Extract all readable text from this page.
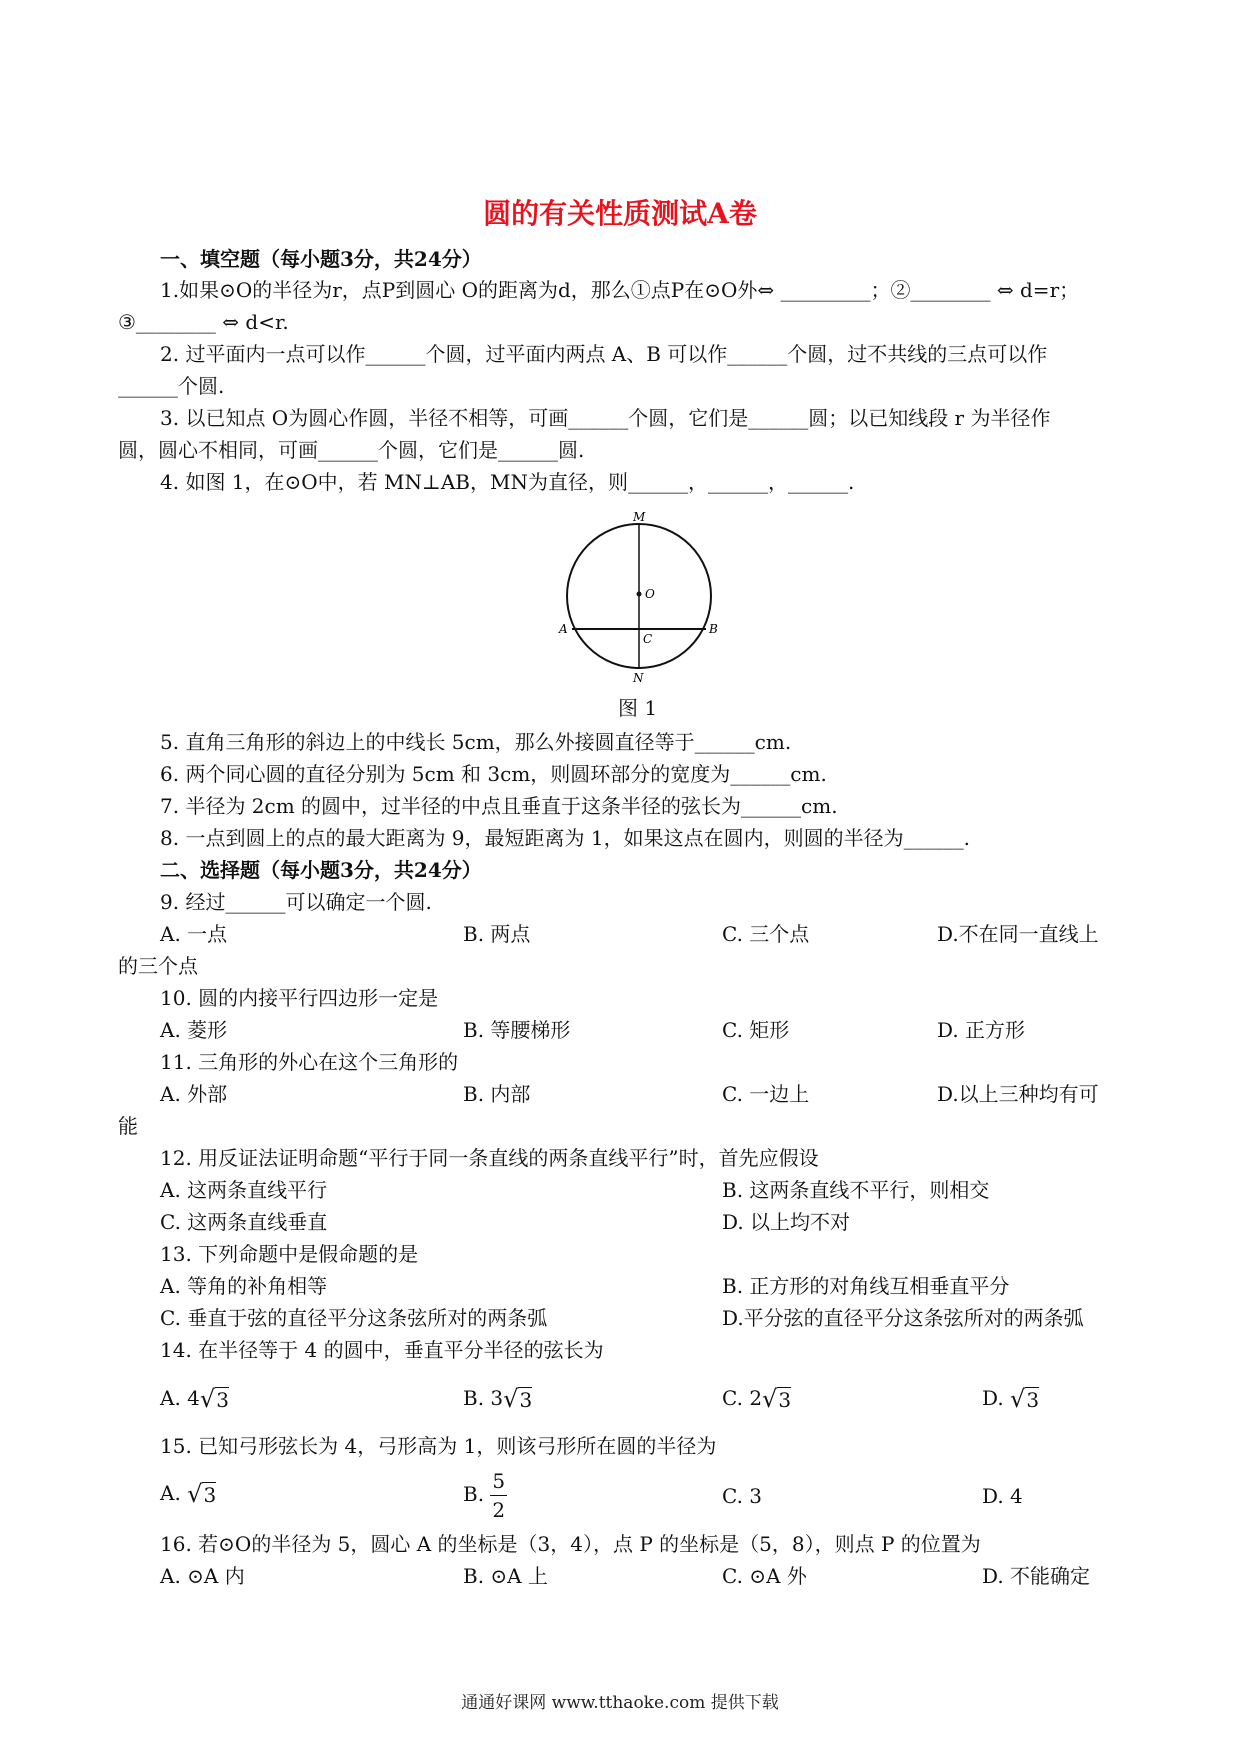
圆的有关性质测试A卷
一、填空题（每小题3分，共24分）
1.如果⊙O的半径为r，点P到圆心 O的距离为d，那么①点P在⊙O外⇔ _________；②________ ⇔ d=r；
③________ ⇔ d<r.
2. 过平面内一点可以作______个圆，过平面内两点 A、B 可以作______个圆，过不共线的三点可以作
______个圆.
3. 以已知点 O为圆心作圆，半径不相等，可画______个圆，它们是______圆；以已知线段 r 为半径作
圆，圆心不相同，可画______个圆，它们是______圆.
4. 如图 1，在⊙O中，若 MN⊥AB，MN为直径，则______，______，______.
M
O
A
C
B
N
图 1
5. 直角三角形的斜边上的中线长 5cm，那么外接圆直径等于______cm.
6. 两个同心圆的直径分别为 5cm 和 3cm，则圆环部分的宽度为______cm.
7. 半径为 2cm 的圆中，过半径的中点且垂直于这条半径的弦长为______cm.
8. 一点到圆上的点的最大距离为 9，最短距离为 1，如果这点在圆内，则圆的半径为______.
二、选择题（每小题3分，共24分）
9. 经过______可以确定一个圆.
A. 一点	B. 两点	C. 三个点	D.不在同一直线上
的三个点
10. 圆的内接平行四边形一定是
A. 菱形	B. 等腰梯形	C. 矩形	D. 正方形
11. 三角形的外心在这个三角形的
A. 外部	B. 内部	C. 一边上	D.以上三种均有可
能
12. 用反证法证明命题“平行于同一条直线的两条直线平行”时，首先应假设
A. 这两条直线平行	B. 这两条直线不平行，则相交
C. 这两条直线垂直	D. 以上均不对
13. 下列命题中是假命题的是
A. 等角的补角相等	B. 正方形的对角线互相垂直平分
C. 垂直于弦的直径平分这条弦所对的两条弧	D.平分弦的直径平分这条弦所对的两条弧
14. 在半径等于 4 的圆中，垂直平分半径的弦长为
A. 4√3	B. 3√3	C. 2√3	D. √3
15. 已知弓形弦长为 4，弓形高为 1，则该弓形所在圆的半径为
A. √3	B. $\frac{5}{2}$	C. 3	D. 4
16. 若⊙O的半径为 5，圆心 A 的坐标是（3，4），点 P 的坐标是（5，8），则点 P 的位置为
A. ⊙A 内	B. ⊙A 上	C. ⊙A 外	D. 不能确定
通通好课网 www.tthaoke.com 提供下载
